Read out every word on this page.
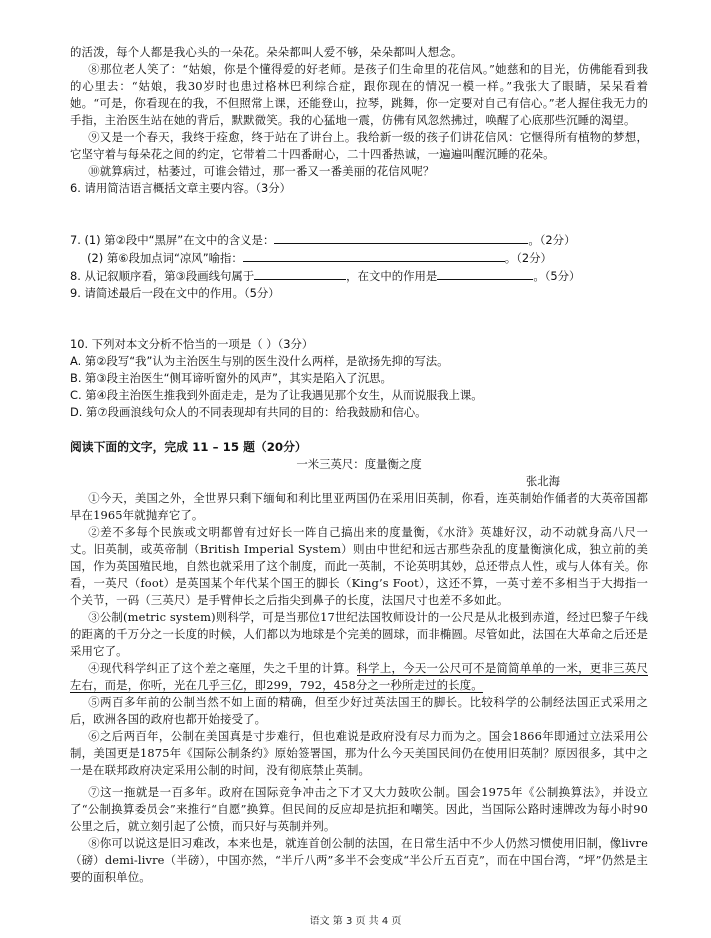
的活泼，每个人都是我心头的一朵花。朵朵都叫人爱不够，朵朵都叫人想念。

⑧那位老人笑了：“姑娘，你是个懂得爱的好老师。是孩子们生命里的花信风。”她慈和的目光，仿佛能看到我的心里去：“姑娘，我30岁时也患过格林巴利综合症，跟你现在的情况一模一样。”我张大了眼睛，呆呆看着她。“可是，你看现在的我，不但照常上课，还能登山，拉琴，跳舞，你一定要对自己有信心。”老人握住我无力的手指，主治医生站在她的背后，默默微笑。我的心猛地一震，仿佛有风忽然拂过，唤醒了心底那些沉睡的渴望。

⑨又是一个春天，我终于痊愈，终于站在了讲台上。我给新一级的孩子们讲花信风：它惬得所有植物的梦想，它坚守着与每朵花之间的约定，它带着二十四番耐心，二十四番热诚，一遍遍叫醒沉睡的花朵。

⑩就算病过，枯萎过，可谁会错过，那一番又一番美丽的花信风呢？

6. 请用简洁语言概括文章主要内容。（3分）

7. (1) 第②段中“黑屏”在文中的含义是：	。（2分）

(2) 第⑥段加点词“凉风”喻指：	。（2分）

8. 从记叙顺序看，第③段画线句属于	，在文中的作用是	。（5分）

9. 请简述最后一段在文中的作用。（5分）

10. 下列对本文分析不恰当的一项是（ ）（3分）

A. 第②段写“我”认为主治医生与别的医生没什么两样，是欲扬先抑的写法。

B. 第③段主治医生“侧耳谛听窗外的风声”，其实是陷入了沉思。

C. 第④段主治医生推我到外面走走，是为了让我遇见那个女生，从而说服我上课。

D. 第⑦段画浪线句众人的不同表现却有共同的目的：给我鼓励和信心。

阅读下面的文字，完成 11 – 15 题（20分）

一米三英尺：度量衡之度

张北海

①今天，美国之外，全世界只剩下缅甸和利比里亚两国仍在采用旧英制，你看，连英制始作俑者的大英帝国都早在1965年就抛弃它了。

②差不多每个民族或文明都曾有过好长一阵自己搞出来的度量衡，《水浒》英雄好汉，动不动就身高八尺一丈。旧英制，或英帝制（British Imperial System）则由中世纪和远古那些杂乱的度量衡演化成，独立前的美国，作为英国殖民地，自然也就采用了这个制度，而此一英制，不论英明其妙，总还带点人性，或与人体有关。你看，一英尺（foot）是英国某个年代某个国王的脚长（King’s Foot），这还不算，一英寸差不多相当于大拇指一个关节，一码（三英尺）是手臂伸长之后指尖到鼻子的长度，法国尺寸也差不多如此。

③公制(metric system)则科学，可是当那位17世纪法国牧师设计的一公尺是从北极到赤道，经过巴黎子午线的距离的千万分之一长度的时候，人们都以为地球是个完美的圆球，而非椭圆。尽管如此，法国在大革命之后还是采用它了。

④现代科学纠正了这个差之毫厘，失之千里的计算。科学上，今天一公尺可不是简简单单的一米，更非三英尺左右，而是，你听，光在几乎三亿，即299，792，458分之一秒所走过的长度。

⑤两百多年前的公制当然不如上面的精确，但至少好过英法国王的脚长。比较科学的公制经法国正式采用之后，欧洲各国的政府也都开始接受了。

⑥之后两百年，公制在美国真是寸步难行，但也难说是政府没有尽力而为之。国会1866年即通过立法采用公制，美国更是1875年《国际公制条约》原始签署国，那为什么今天美国民间仍在使用旧英制？原因很多，其中之一是在联邦政府决定采用公制的时间，没有彻底禁止英制。

⑦这一拖就是一百多年。政府在国际竞争冲击之下才又大力鼓吹公制。国会1975年《公制换算法》，并设立了“公制换算委员会”来推行“自愿”换算。但民间的反应却是抗拒和嘲笑。因此，当国际公路时速牌改为每小时90公里之后，就立刻引起了公愤，而只好与英制并列。

⑧你可以说这是旧习难改，本来也是，就连首创公制的法国，在日常生活中不少人仍然习惯使用旧制，像livre（磅）demi-livre（半磅），中国亦然，“半斤八两”多半不会变成“半公斤五百克”，而在中国台湾，“坪”仍然是主要的面积单位。

语文 第 3 页 共 4 页
